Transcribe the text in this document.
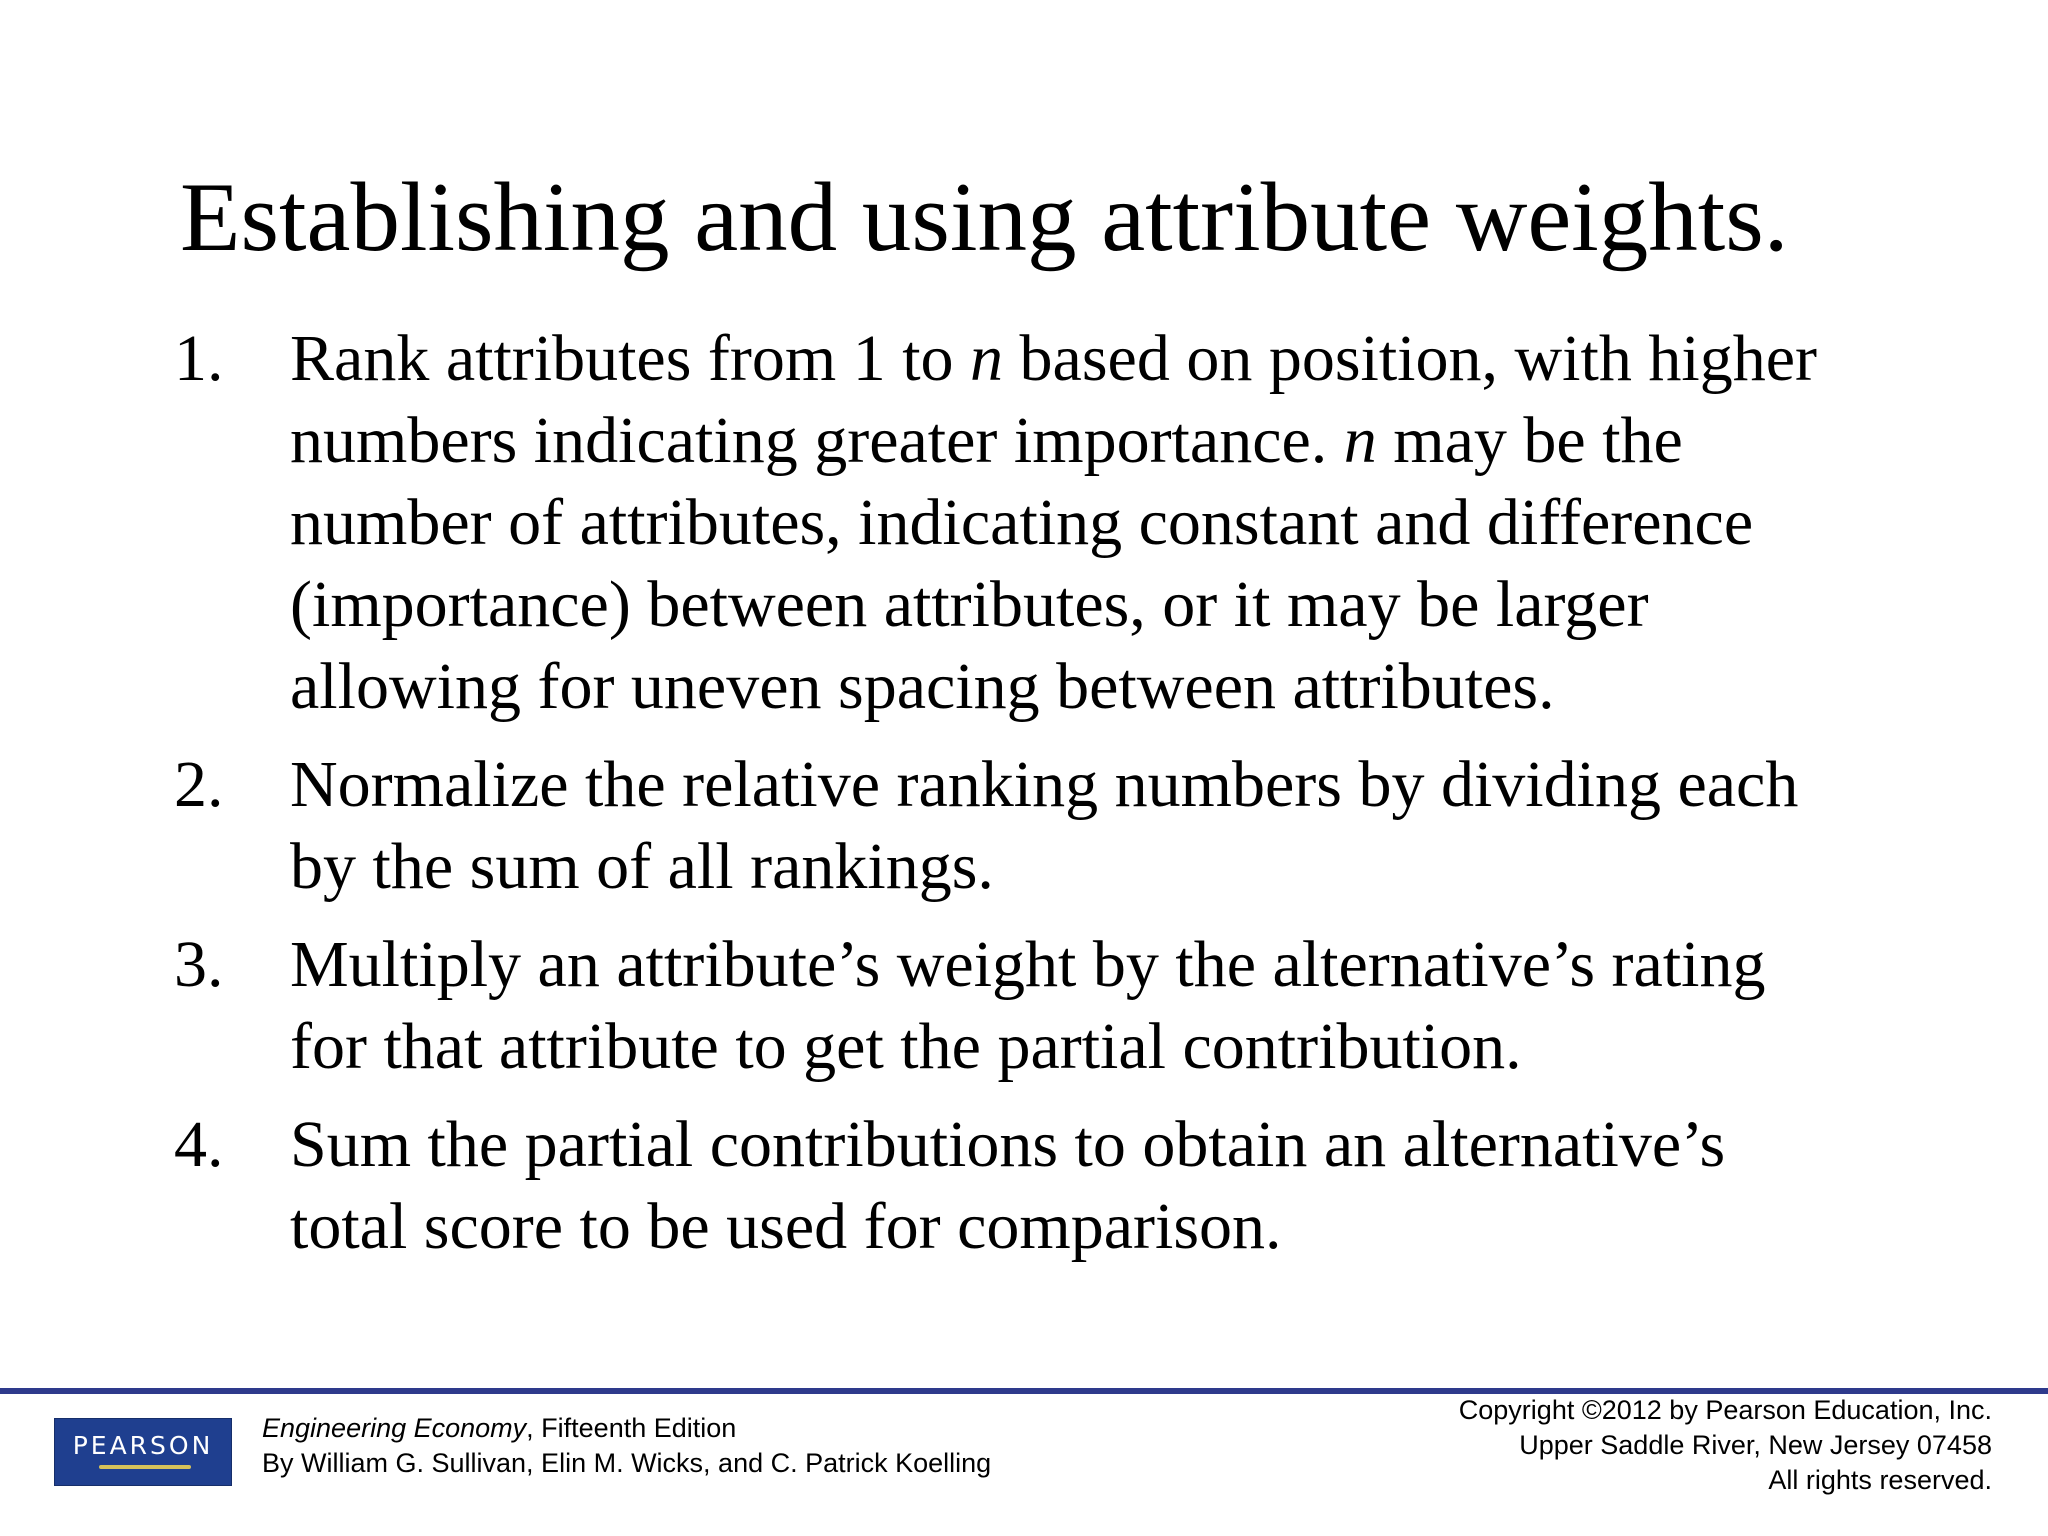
Establishing and using attribute weights.
1. Rank attributes from 1 to n based on position, with higher
numbers indicating greater importance. n may be the
number of attributes, indicating constant and difference
(importance) between attributes, or it may be larger
allowing for uneven spacing between attributes.
2. Normalize the relative ranking numbers by dividing each
by the sum of all rankings.
3. Multiply an attribute’s weight by the alternative’s rating
for that attribute to get the partial contribution.
4. Sum the partial contributions to obtain an alternative’s
total score to be used for comparison.
PEARSON
Engineering Economy, Fifteenth Edition
By William G. Sullivan, Elin M. Wicks, and C. Patrick Koelling
Copyright ©2012 by Pearson Education, Inc.
Upper Saddle River, New Jersey 07458
All rights reserved.
